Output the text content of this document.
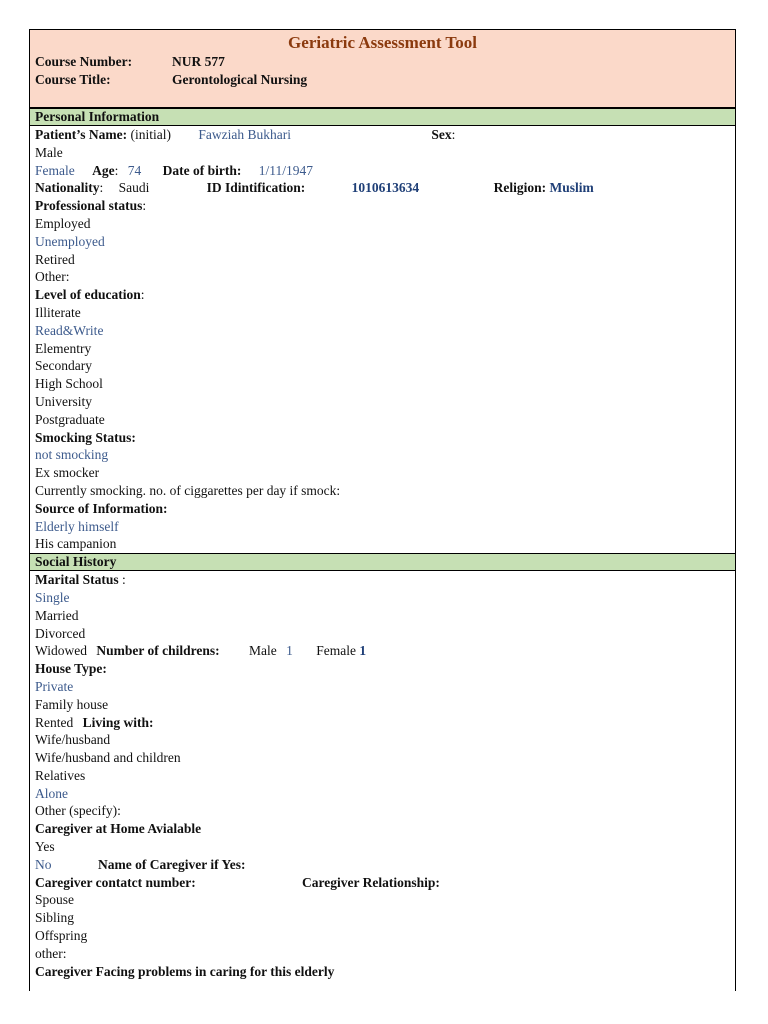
Geriatric Assessment Tool
Course Number:	NUR 577
Course Title:	Gerontological Nursing
Personal Information
Patient’s Name: (initial) Fawziah Bukhari	Sex:
Male
Female Age: 74 Date of birth: 1/11/1947
Nationality: Saudi	ID Idintification:	1010613634	Religion: Muslim
Professional status:
Employed
Unemployed
Retired
Other:
Level of education:
Illiterate
Read&Write
Elementry
Secondary
High School
University
Postgraduate
Smocking Status:
not smocking
Ex smocker
Currently smocking. no. of ciggarettes per day if smock:
Source of Information:
Elderly himself
His campanion
Social History
Marital Status :
Single
Married
Divorced
Widowed Number of childrens: Male 1 Female 1
House Type:
Private
Family house
Rented Living with:
Wife/husband
Wife/husband and children
Relatives
Alone
Other (specify):
Caregiver at Home Avialable
Yes
No	Name of Caregiver if Yes:
Caregiver contatct number:	Caregiver Relationship:
Spouse
Sibling
Offspring
other:
Caregiver Facing problems in caring for this elderly
